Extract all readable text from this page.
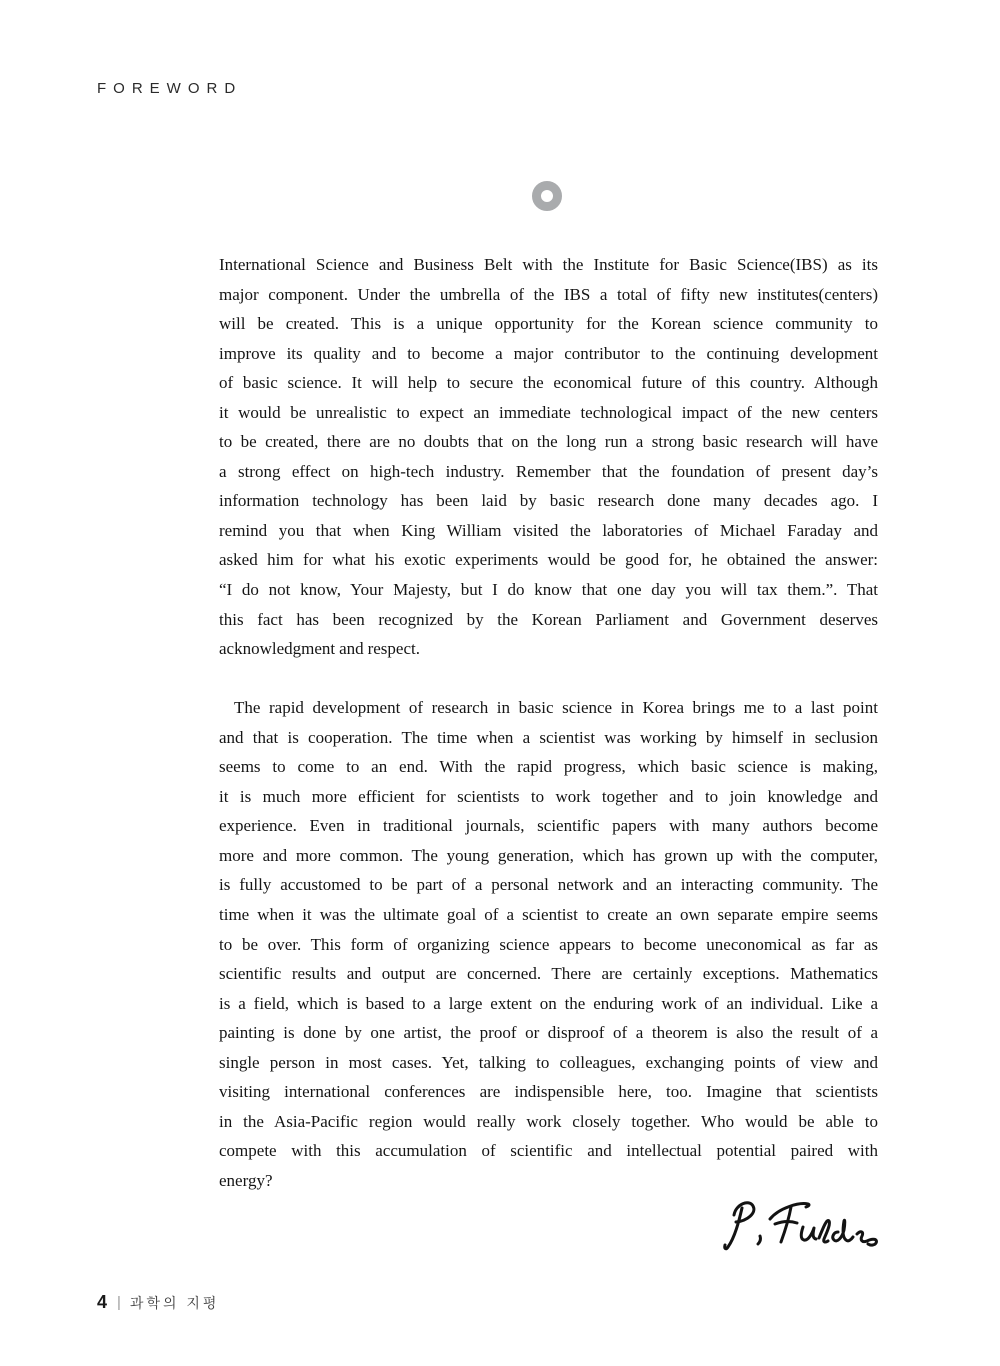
FOREWORD
International Science and Business Belt with the Institute for Basic Science(IBS) as its
major component. Under the umbrella of the IBS a total of fifty new institutes(centers)
will be created. This is a unique opportunity for the Korean science community to
improve its quality and to become a major contributor to the continuing development
of basic science. It will help to secure the economical future of this country. Although
it would be unrealistic to expect an immediate technological impact of the new centers
to be created, there are no doubts that on the long run a strong basic research will have
a strong effect on high-tech industry. Remember that the foundation of present day’s
information technology has been laid by basic research done many decades ago. I
remind you that when King William visited the laboratories of Michael Faraday and
asked him for what his exotic experiments would be good for, he obtained the answer:
“I do not know, Your Majesty, but I do know that one day you will tax them.”. That
this fact has been recognized by the Korean Parliament and Government deserves
acknowledgment and respect.
The rapid development of research in basic science in Korea brings me to a last point
and that is cooperation. The time when a scientist was working by himself in seclusion
seems to come to an end. With the rapid progress, which basic science is making,
it is much more efficient for scientists to work together and to join knowledge and
experience. Even in traditional journals, scientific papers with many authors become
more and more common. The young generation, which has grown up with the computer,
is fully accustomed to be part of a personal network and an interacting community. The
time when it was the ultimate goal of a scientist to create an own separate empire seems
to be over. This form of organizing science appears to become uneconomical as far as
scientific results and output are concerned. There are certainly exceptions. Mathematics
is a field, which is based to a large extent on the enduring work of an individual. Like a
painting is done by one artist, the proof or disproof of a theorem is also the result of a
single person in most cases. Yet, talking to colleagues, exchanging points of view and
visiting international conferences are indispensible here, too. Imagine that scientists
in the Asia-Pacific region would really work closely together. Who would be able to
compete with this accumulation of scientific and intellectual potential paired with
energy?
4 | 과학의 지평
